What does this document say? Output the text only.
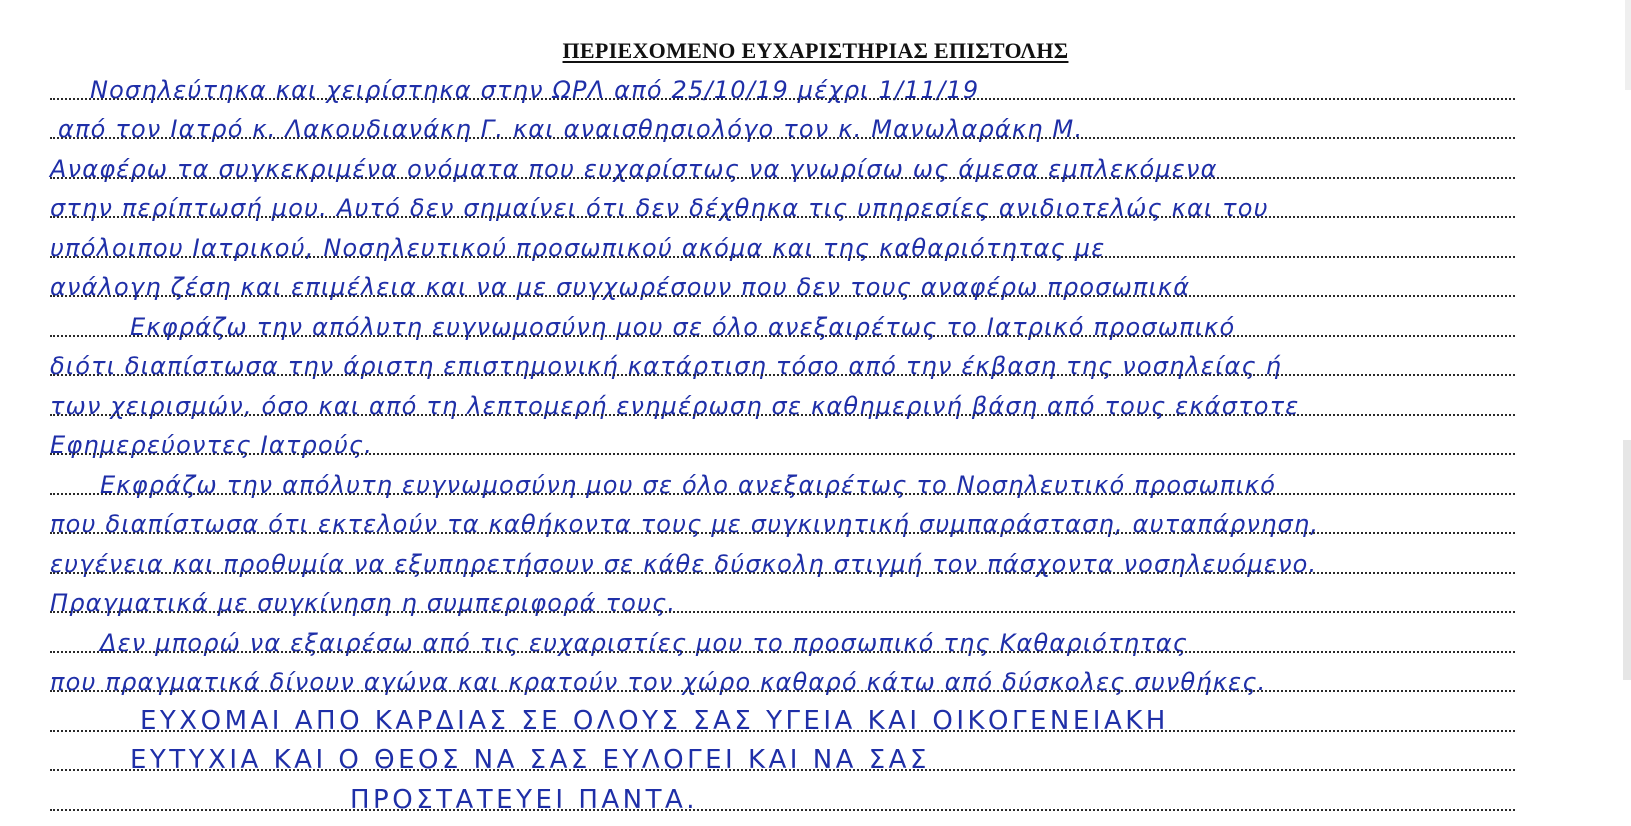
ΠΕΡΙΕΧΟΜΕΝΟ ΕΥΧΑΡΙΣΤΗΡΙΑΣ ΕΠΙΣΤΟΛΗΣ
Νοσηλεύτηκα και χειρίστηκα στην ΩΡΛ από 25/10/19 μέχρι 1/11/19
από τον Ιατρό κ. Λακουδιανάκη Γ. και αναισθησιολόγο τον κ. Μανωλαράκη Μ.
Αναφέρω τα συγκεκριμένα ονόματα που ευχαρίστως να γνωρίσω ως άμεσα εμπλεκόμενα
στην περίπτωσή μου. Αυτό δεν σημαίνει ότι δεν δέχθηκα τις υπηρεσίες ανιδιοτελώς και του
υπόλοιπου Ιατρικού, Νοσηλευτικού προσωπικού ακόμα και της καθαριότητας με
ανάλογη ζέση και επιμέλεια και να με συγχωρέσουν που δεν τους αναφέρω προσωπικά
Εκφράζω την απόλυτη ευγνωμοσύνη μου σε όλο ανεξαιρέτως το Ιατρικό προσωπικό
διότι διαπίστωσα την άριστη επιστημονική κατάρτιση τόσο από την έκβαση της νοσηλείας ή
των χειρισμών, όσο και από τη λεπτομερή ενημέρωση σε καθημερινή βάση από τους εκάστοτε
Εφημερεύοντες Ιατρούς.
Εκφράζω την απόλυτη ευγνωμοσύνη μου σε όλο ανεξαιρέτως το Νοσηλευτικό προσωπικό
που διαπίστωσα ότι εκτελούν τα καθήκοντα τους με συγκινητική συμπαράσταση, αυταπάρνηση,
ευγένεια και προθυμία να εξυπηρετήσουν σε κάθε δύσκολη στιγμή τον πάσχοντα νοσηλευόμενο.
Πραγματικά με συγκίνηση η συμπεριφορά τους.
Δεν μπορώ να εξαιρέσω από τις ευχαριστίες μου το προσωπικό της Καθαριότητας
που πραγματικά δίνουν αγώνα και κρατούν τον χώρο καθαρό κάτω από δύσκολες συνθήκες.
ΕΥΧΟΜΑΙ ΑΠΟ ΚΑΡΔΙΑΣ ΣΕ ΟΛΟΥΣ ΣΑΣ ΥΓΕΙΑ ΚΑΙ ΟΙΚΟΓΕΝΕΙΑΚΗ
ΕΥΤΥΧΙΑ ΚΑΙ Ο ΘΕΟΣ ΝΑ ΣΑΣ ΕΥΛΟΓΕΙ ΚΑΙ ΝΑ ΣΑΣ
ΠΡΟΣΤΑΤΕΥΕΙ ΠΑΝΤΑ.
